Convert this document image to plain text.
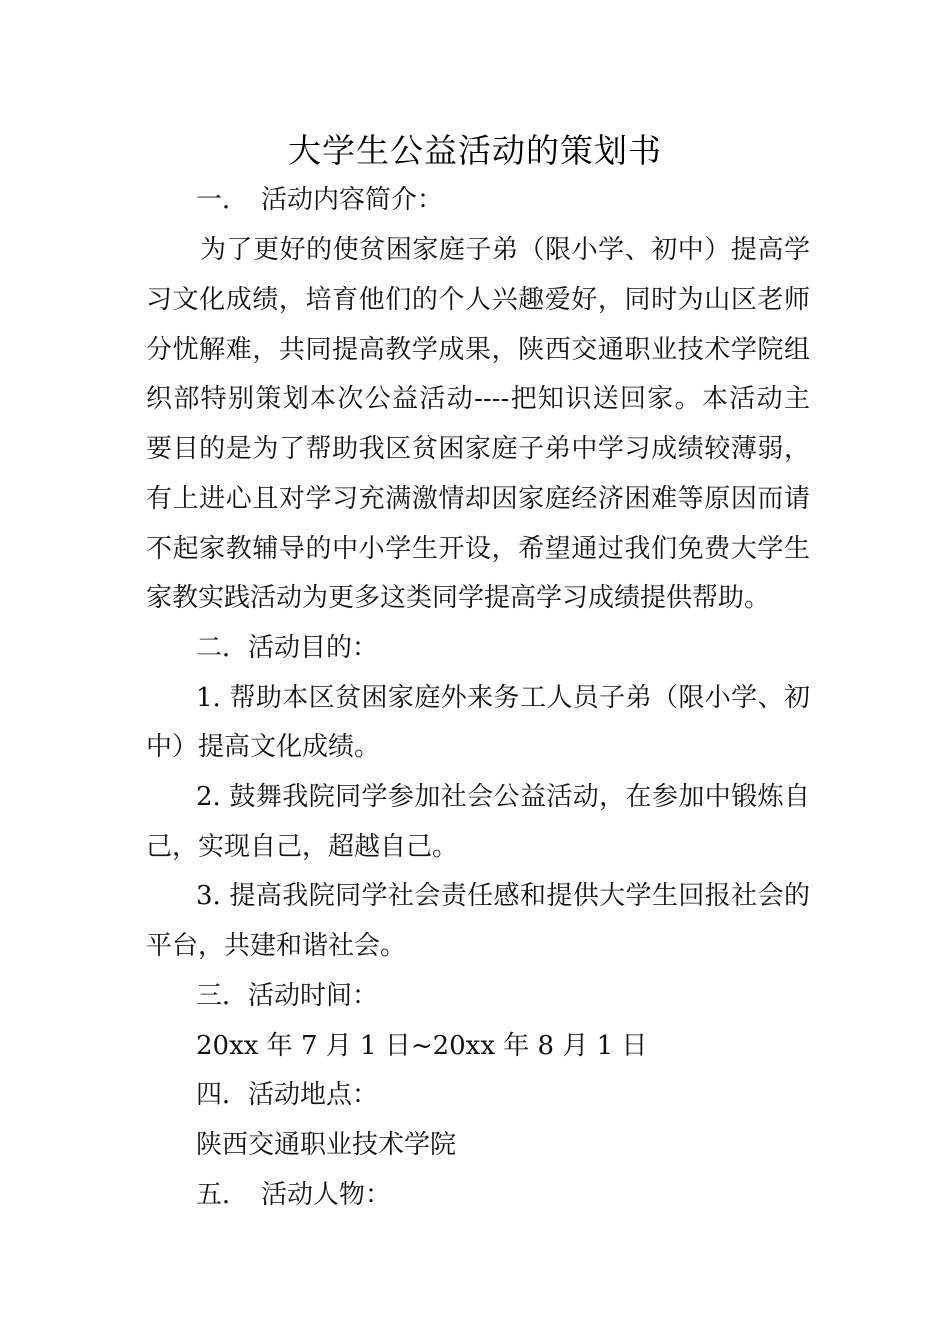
大学生公益活动的策划书
一．　活动内容简介：
为了更好的使贫困家庭子弟（限小学、初中）提高学
习文化成绩，培育他们的个人兴趣爱好，同时为山区老师
分忧解难，共同提高教学成果，陕西交通职业技术学院组
织部特别策划本次公益活动----把知识送回家。本活动主
要目的是为了帮助我区贫困家庭子弟中学习成绩较薄弱，
有上进心且对学习充满激情却因家庭经济困难等原因而请
不起家教辅导的中小学生开设，希望通过我们免费大学生
家教实践活动为更多这类同学提高学习成绩提供帮助。
二．活动目的：
1. 帮助本区贫困家庭外来务工人员子弟（限小学、初
中）提高文化成绩。
2. 鼓舞我院同学参加社会公益活动，在参加中锻炼自
己，实现自己，超越自己。
3. 提高我院同学社会责任感和提供大学生回报社会的
平台，共建和谐社会。
三．活动时间：
20xx 年 7 月 1 日~20xx 年 8 月 1 日
四．活动地点：
陕西交通职业技术学院
五．　活动人物：
